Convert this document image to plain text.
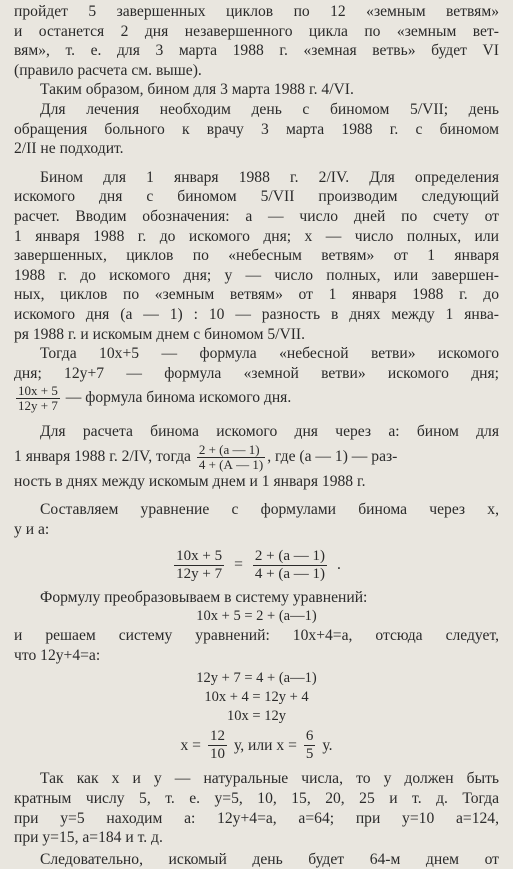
пройдет 5 завершенных циклов по 12 «земным ветвям»
и останется 2 дня незавершенного цикла по «земным вет-
вям», т. е. для 3 марта 1988 г. «земная ветвь» будет VI
(правило расчета см. выше).
Таким образом, бином для 3 марта 1988 г. 4/VI.
Для лечения необходим день с биномом 5/VII; день
обращения больного к врачу 3 марта 1988 г. с биномом
2/II не подходит.
Бином для 1 января 1988 г. 2/IV. Для определения
искомого дня с биномом 5/VII производим следующий
расчет. Вводим обозначения: а — число дней по счету от
1 января 1988 г. до искомого дня; х — число полных, или
завершенных, циклов по «небесным ветвям» от 1 января
1988 г. до искомого дня; у — число полных, или завершен-
ных, циклов по «земным ветвям» от 1 января 1988 г. до
искомого дня (а — 1) : 10 — разность в днях между 1 янва-
ря 1988 г. и искомым днем с биномом 5/VII.
Тогда 10х+5 — формула «небесной ветви» искомого
дня; 12у+7 — формула «земной ветви» искомого дня;
$\frac{10х + 5}{12у + 7}$ — формула бинома искомого дня.
Для расчета бинома искомого дня через а: бином для
1 января 1988 г. 2/IV, тогда $\frac{2 + (а — 1)}{4 + (А — 1)}$ , где (а — 1) — раз-
ность в днях между искомым днем и 1 января 1988 г.
Составляем уравнение с формулами бинома через х,
у и а:
$\frac{10х + 5}{12у + 7} = \frac{2 + (а — 1)}{4 + (а — 1)}$ .
Формулу преобразовываем в систему уравнений:
10х + 5 = 2 + (а—1)
и решаем систему уравнений: 10х+4=а, отсюда следует,
что 12у+4=а:
12у + 7 = 4 + (а—1)
10х + 4 = 12у + 4
10х = 12у
$х = \frac{12}{10} у$, или $х = \frac{6}{5} у$.
Так как х и у — натуральные числа, то у должен быть
кратным числу 5, т. е. у=5, 10, 15, 20, 25 и т. д. Тогда
при у=5 находим а: 12у+4=а, а=64; при у=10 а=124,
при у=15, а=184 и т. д.
Следовательно, искомый день будет 64-м днем от
